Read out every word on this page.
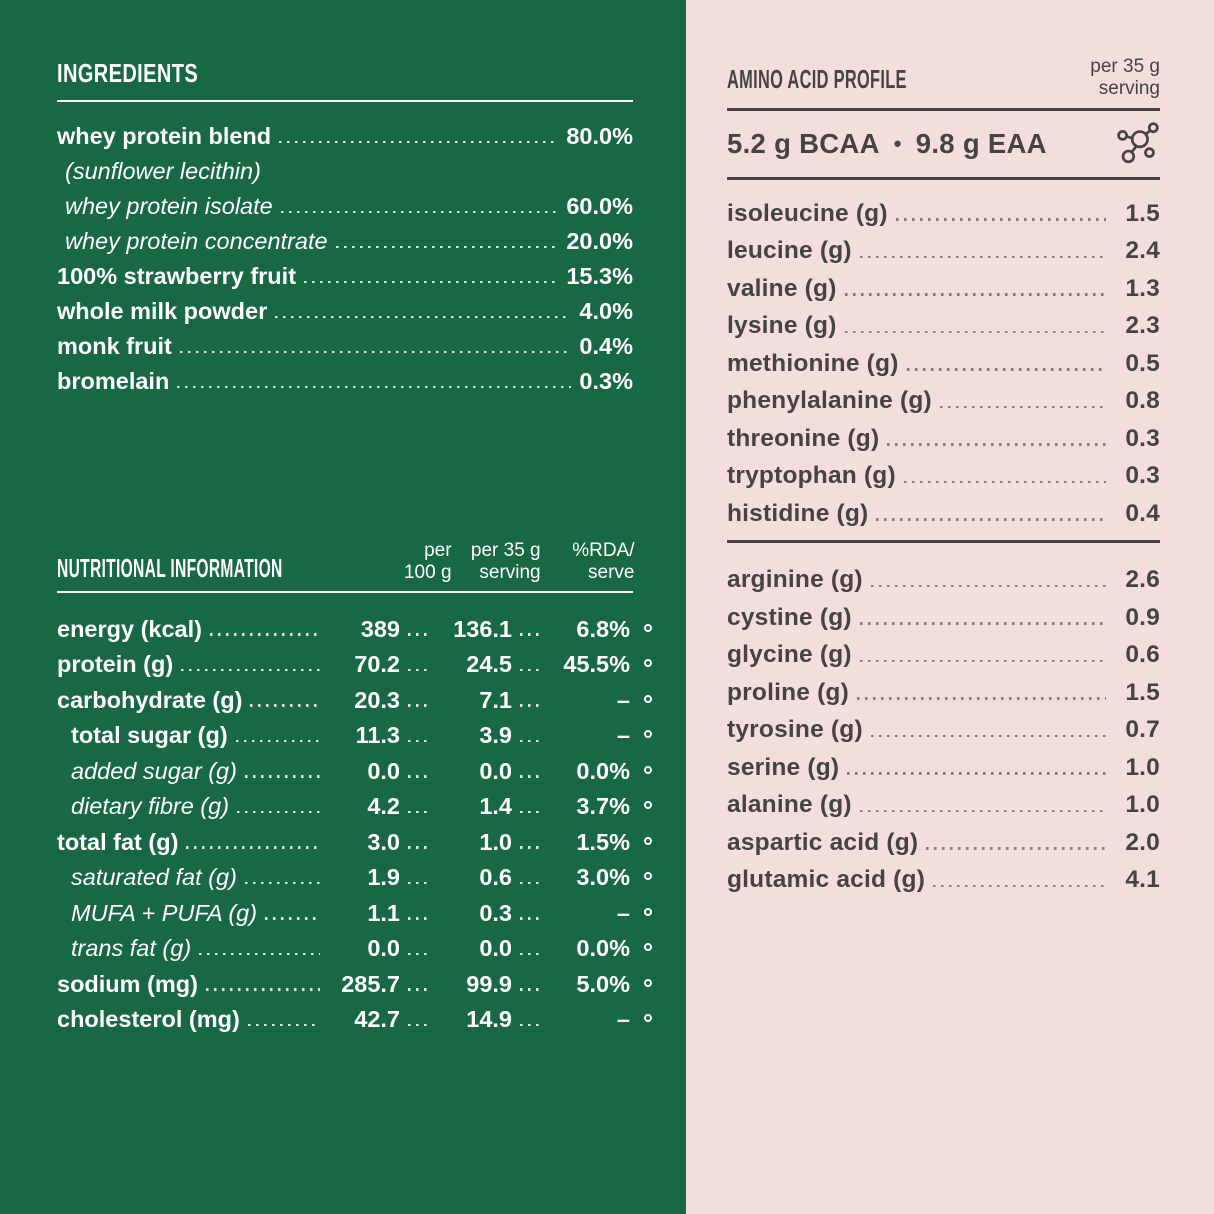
INGREDIENTS
whey protein blend	80.0%
(sunflower lecithin)
whey protein isolate	60.0%
whey protein concentrate	20.0%
100% strawberry fruit	15.3%
whole milk powder	4.0%
monk fruit	0.4%
bromelain	0.3%
NUTRITIONAL INFORMATION
per
100 g
per 35 g
serving
%RDA/
serve
energy (kcal)	389	136.1	6.8%
protein (g)	70.2	24.5	45.5%
carbohydrate (g)	20.3	7.1	–
total sugar (g)	11.3	3.9	–
added sugar (g)	0.0	0.0	0.0%
dietary fibre (g)	4.2	1.4	3.7%
total fat (g)	3.0	1.0	1.5%
saturated fat (g)	1.9	0.6	3.0%
MUFA + PUFA (g)	1.1	0.3	–
trans fat (g)	0.0	0.0	0.0%
sodium (mg)	285.7	99.9	5.0%
cholesterol (mg)	42.7	14.9	–
AMINO ACID PROFILE	per 35 g
serving
5.2 g BCAA • 9.8 g EAA
isoleucine (g)	1.5
leucine (g)	2.4
valine (g)	1.3
lysine (g)	2.3
methionine (g)	0.5
phenylalanine (g)	0.8
threonine (g)	0.3
tryptophan (g)	0.3
histidine (g)	0.4
arginine (g)	2.6
cystine (g)	0.9
glycine (g)	0.6
proline (g)	1.5
tyrosine (g)	0.7
serine (g)	1.0
alanine (g)	1.0
aspartic acid (g)	2.0
glutamic acid (g)	4.1
